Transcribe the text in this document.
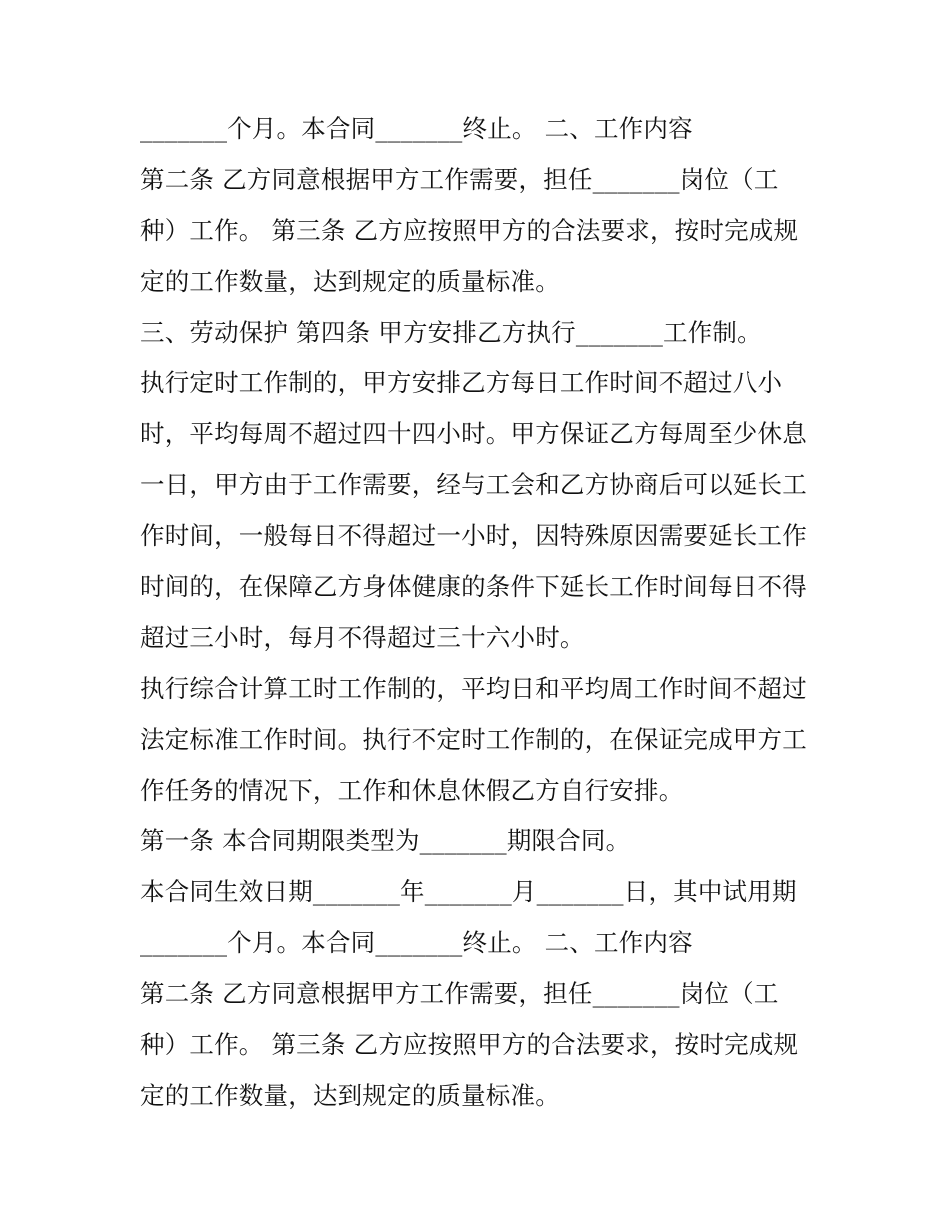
_______个月。本合同_______终止。 二、工作内容
第二条 乙方同意根据甲方工作需要，担任_______岗位（工
种）工作。 第三条 乙方应按照甲方的合法要求，按时完成规
定的工作数量，达到规定的质量标准。
三、劳动保护 第四条 甲方安排乙方执行_______工作制。
执行定时工作制的，甲方安排乙方每日工作时间不超过八小
时，平均每周不超过四十四小时。甲方保证乙方每周至少休息
一日，甲方由于工作需要，经与工会和乙方协商后可以延长工
作时间，一般每日不得超过一小时，因特殊原因需要延长工作
时间的，在保障乙方身体健康的条件下延长工作时间每日不得
超过三小时，每月不得超过三十六小时。
执行综合计算工时工作制的，平均日和平均周工作时间不超过
法定标准工作时间。执行不定时工作制的，在保证完成甲方工
作任务的情况下，工作和休息休假乙方自行安排。
第一条 本合同期限类型为_______期限合同。
本合同生效日期_______年_______月_______日，其中试用期
_______个月。本合同_______终止。 二、工作内容
第二条 乙方同意根据甲方工作需要，担任_______岗位（工
种）工作。 第三条 乙方应按照甲方的合法要求，按时完成规
定的工作数量，达到规定的质量标准。
